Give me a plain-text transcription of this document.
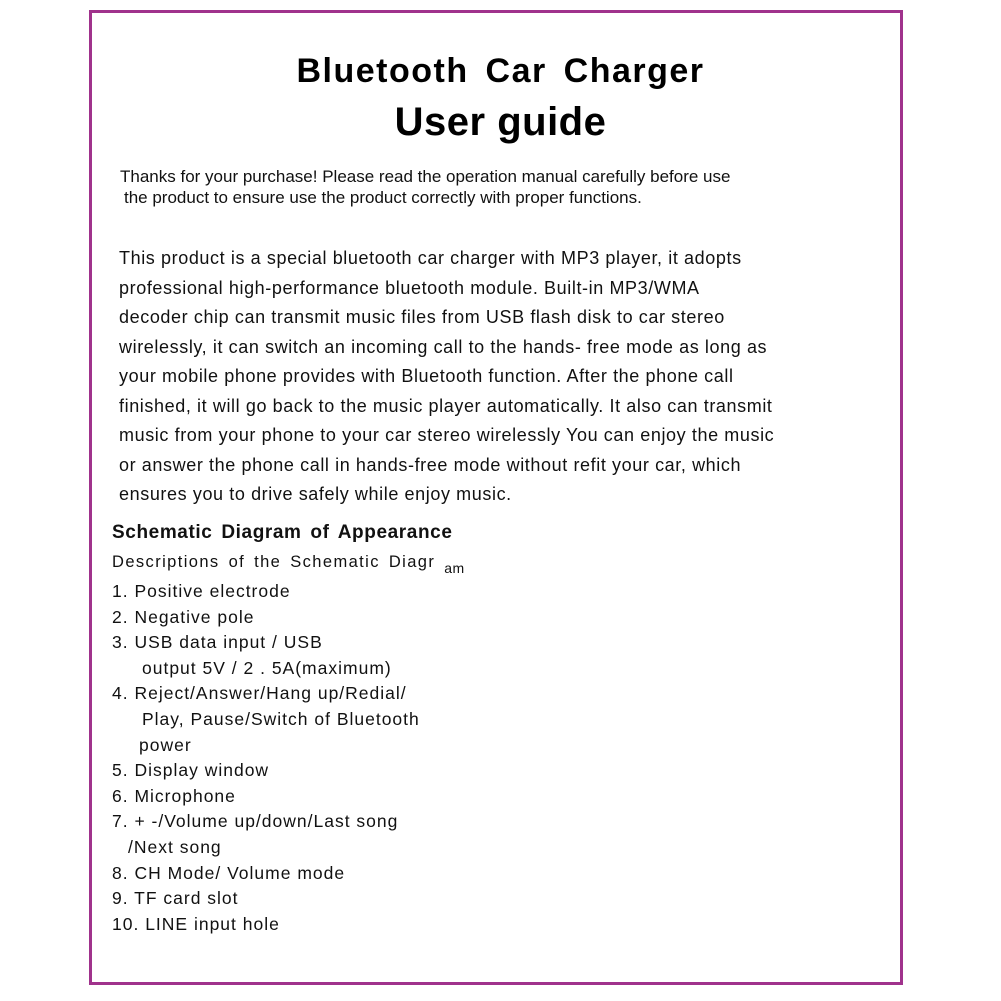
Bluetooth Car Charger
User guide
Thanks for your purchase! Please read the operation manual carefully before use
the product to ensure use the product correctly with proper functions.
This product is a special bluetooth car charger with MP3 player, it adopts
professional high-performance bluetooth module. Built-in MP3/WMA
decoder chip can transmit music files from USB flash disk to car stereo
wirelessly, it can switch an incoming call to the hands- free mode as long as
your mobile phone provides with Bluetooth function. After the phone call
finished, it will go back to the music player automatically. It also can transmit
music from your phone to your car stereo wirelessly You can enjoy the music
or answer the phone call in hands-free mode without refit your car, which
ensures you to drive safely while enjoy music.
Schematic Diagram of Appearance
Descriptions of the Schematic Diagr $_{am}$
1. Positive electrode
2. Negative pole
3. USB data input / USB
output 5V / 2 . 5A(maximum)
4. Reject/Answer/Hang up/Redial/
Play, Pause/Switch of Bluetooth
power
5. Display window
6. Microphone
7. + -/Volume up/down/Last song
/Next song
8. CH Mode/ Volume mode
9. TF card slot
10. LINE input hole
